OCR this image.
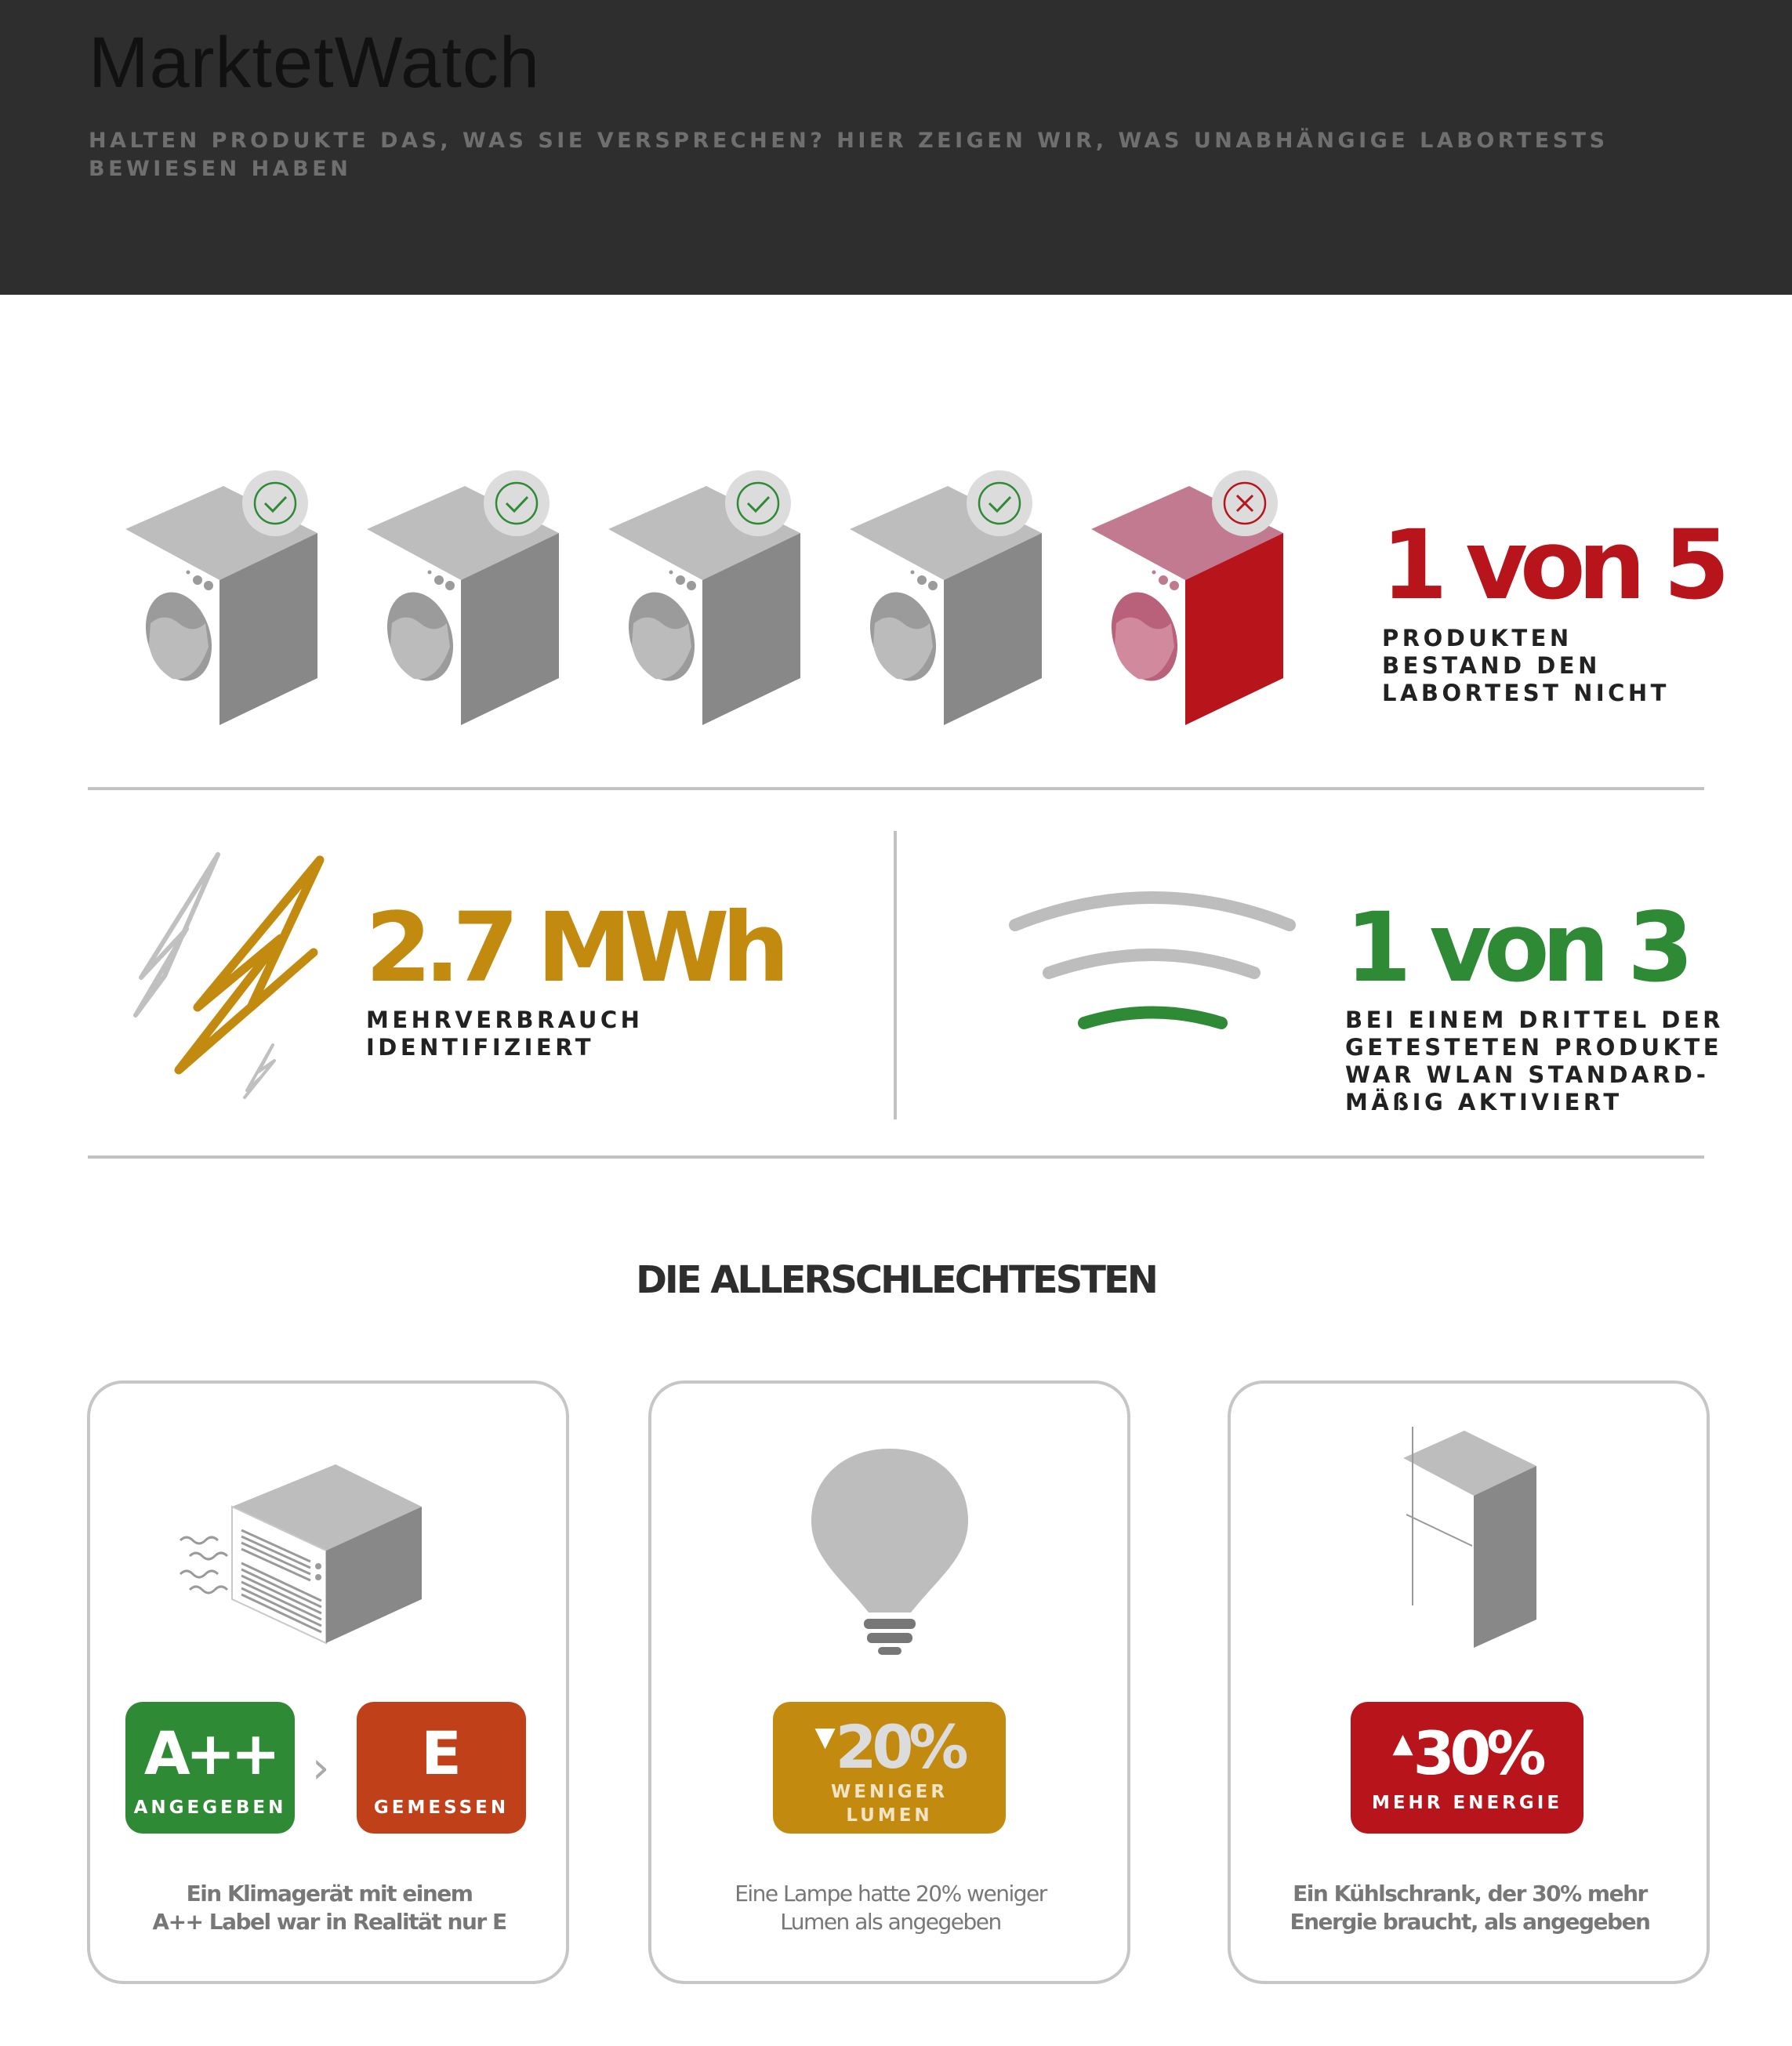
MarktetWatch
HALTEN PRODUKTE DAS, WAS SIE VERSPRECHEN? HIER ZEIGEN WIR, WAS UNABHÄNGIGE LABORTESTS BEWIESEN HABEN
1 von 5
PRODUKTEN
BESTAND DEN
LABORTEST NICHT
2.7 MWh
MEHRVERBRAUCH
IDENTIFIZIERT
1 von 3
BEI EINEM DRITTEL DER
GETESTETEN PRODUKTE
WAR WLAN STANDARD-
MÄßIG AKTIVIERT
DIE ALLERSCHLECHTESTEN
A++
ANGEGEBEN
›	E
GEMESSEN
Ein Klimagerät mit einem
A++ Label war in Realität nur E
▼20%
WENIGER
LUMEN
Eine Lampe hatte 20% weniger
Lumen als angegeben
▲30%
MEHR ENERGIE
Ein Kühlschrank, der 30% mehr
Energie braucht, als angegeben
